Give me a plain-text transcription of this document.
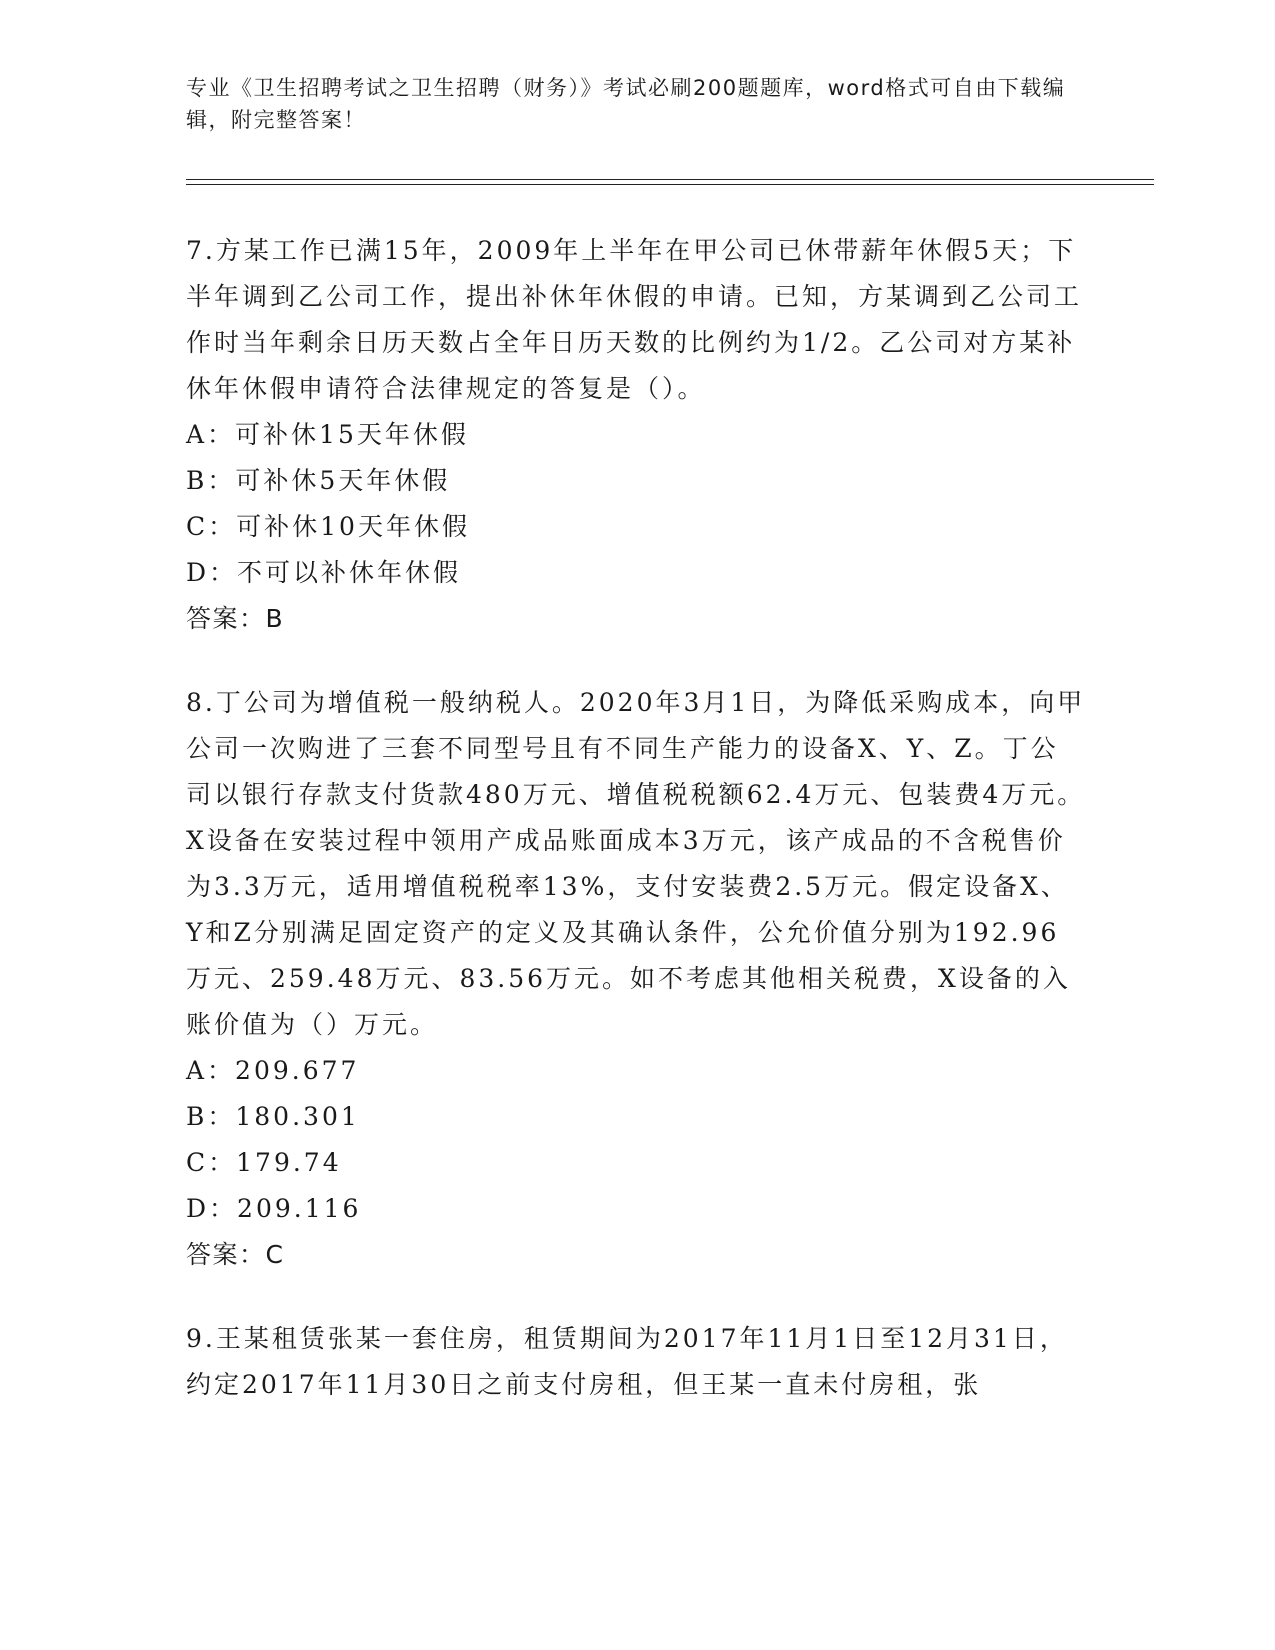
专业《卫生招聘考试之卫生招聘（财务）》考试必刷200题题库，word格式可自由下载编辑，附完整答案！
7.方某工作已满15年，2009年上半年在甲公司已休带薪年休假5天；下半年调到乙公司工作，提出补休年休假的申请。已知，方某调到乙公司工作时当年剩余日历天数占全年日历天数的比例约为1/2。乙公司对方某补休年休假申请符合法律规定的答复是（）。
A：可补休15天年休假
B：可补休5天年休假
C：可补休10天年休假
D：不可以补休年休假
答案：B
8.丁公司为增值税一般纳税人。2020年3月1日，为降低采购成本，向甲公司一次购进了三套不同型号且有不同生产能力的设备X、Y、Z。丁公司以银行存款支付货款480万元、增值税税额62.4万元、包装费4万元。X设备在安装过程中领用产成品账面成本3万元，该产成品的不含税售价为3.3万元，适用增值税税率13%，支付安装费2.5万元。假定设备X、Y和Z分别满足固定资产的定义及其确认条件，公允价值分别为192.96万元、259.48万元、83.56万元。如不考虑其他相关税费，X设备的入账价值为（）万元。
A：209.677
B：180.301
C：179.74
D：209.116
答案：C
9.王某租赁张某一套住房，租赁期间为2017年11月1日至12月31日，约定2017年11月30日之前支付房租，但王某一直未付房租，张
